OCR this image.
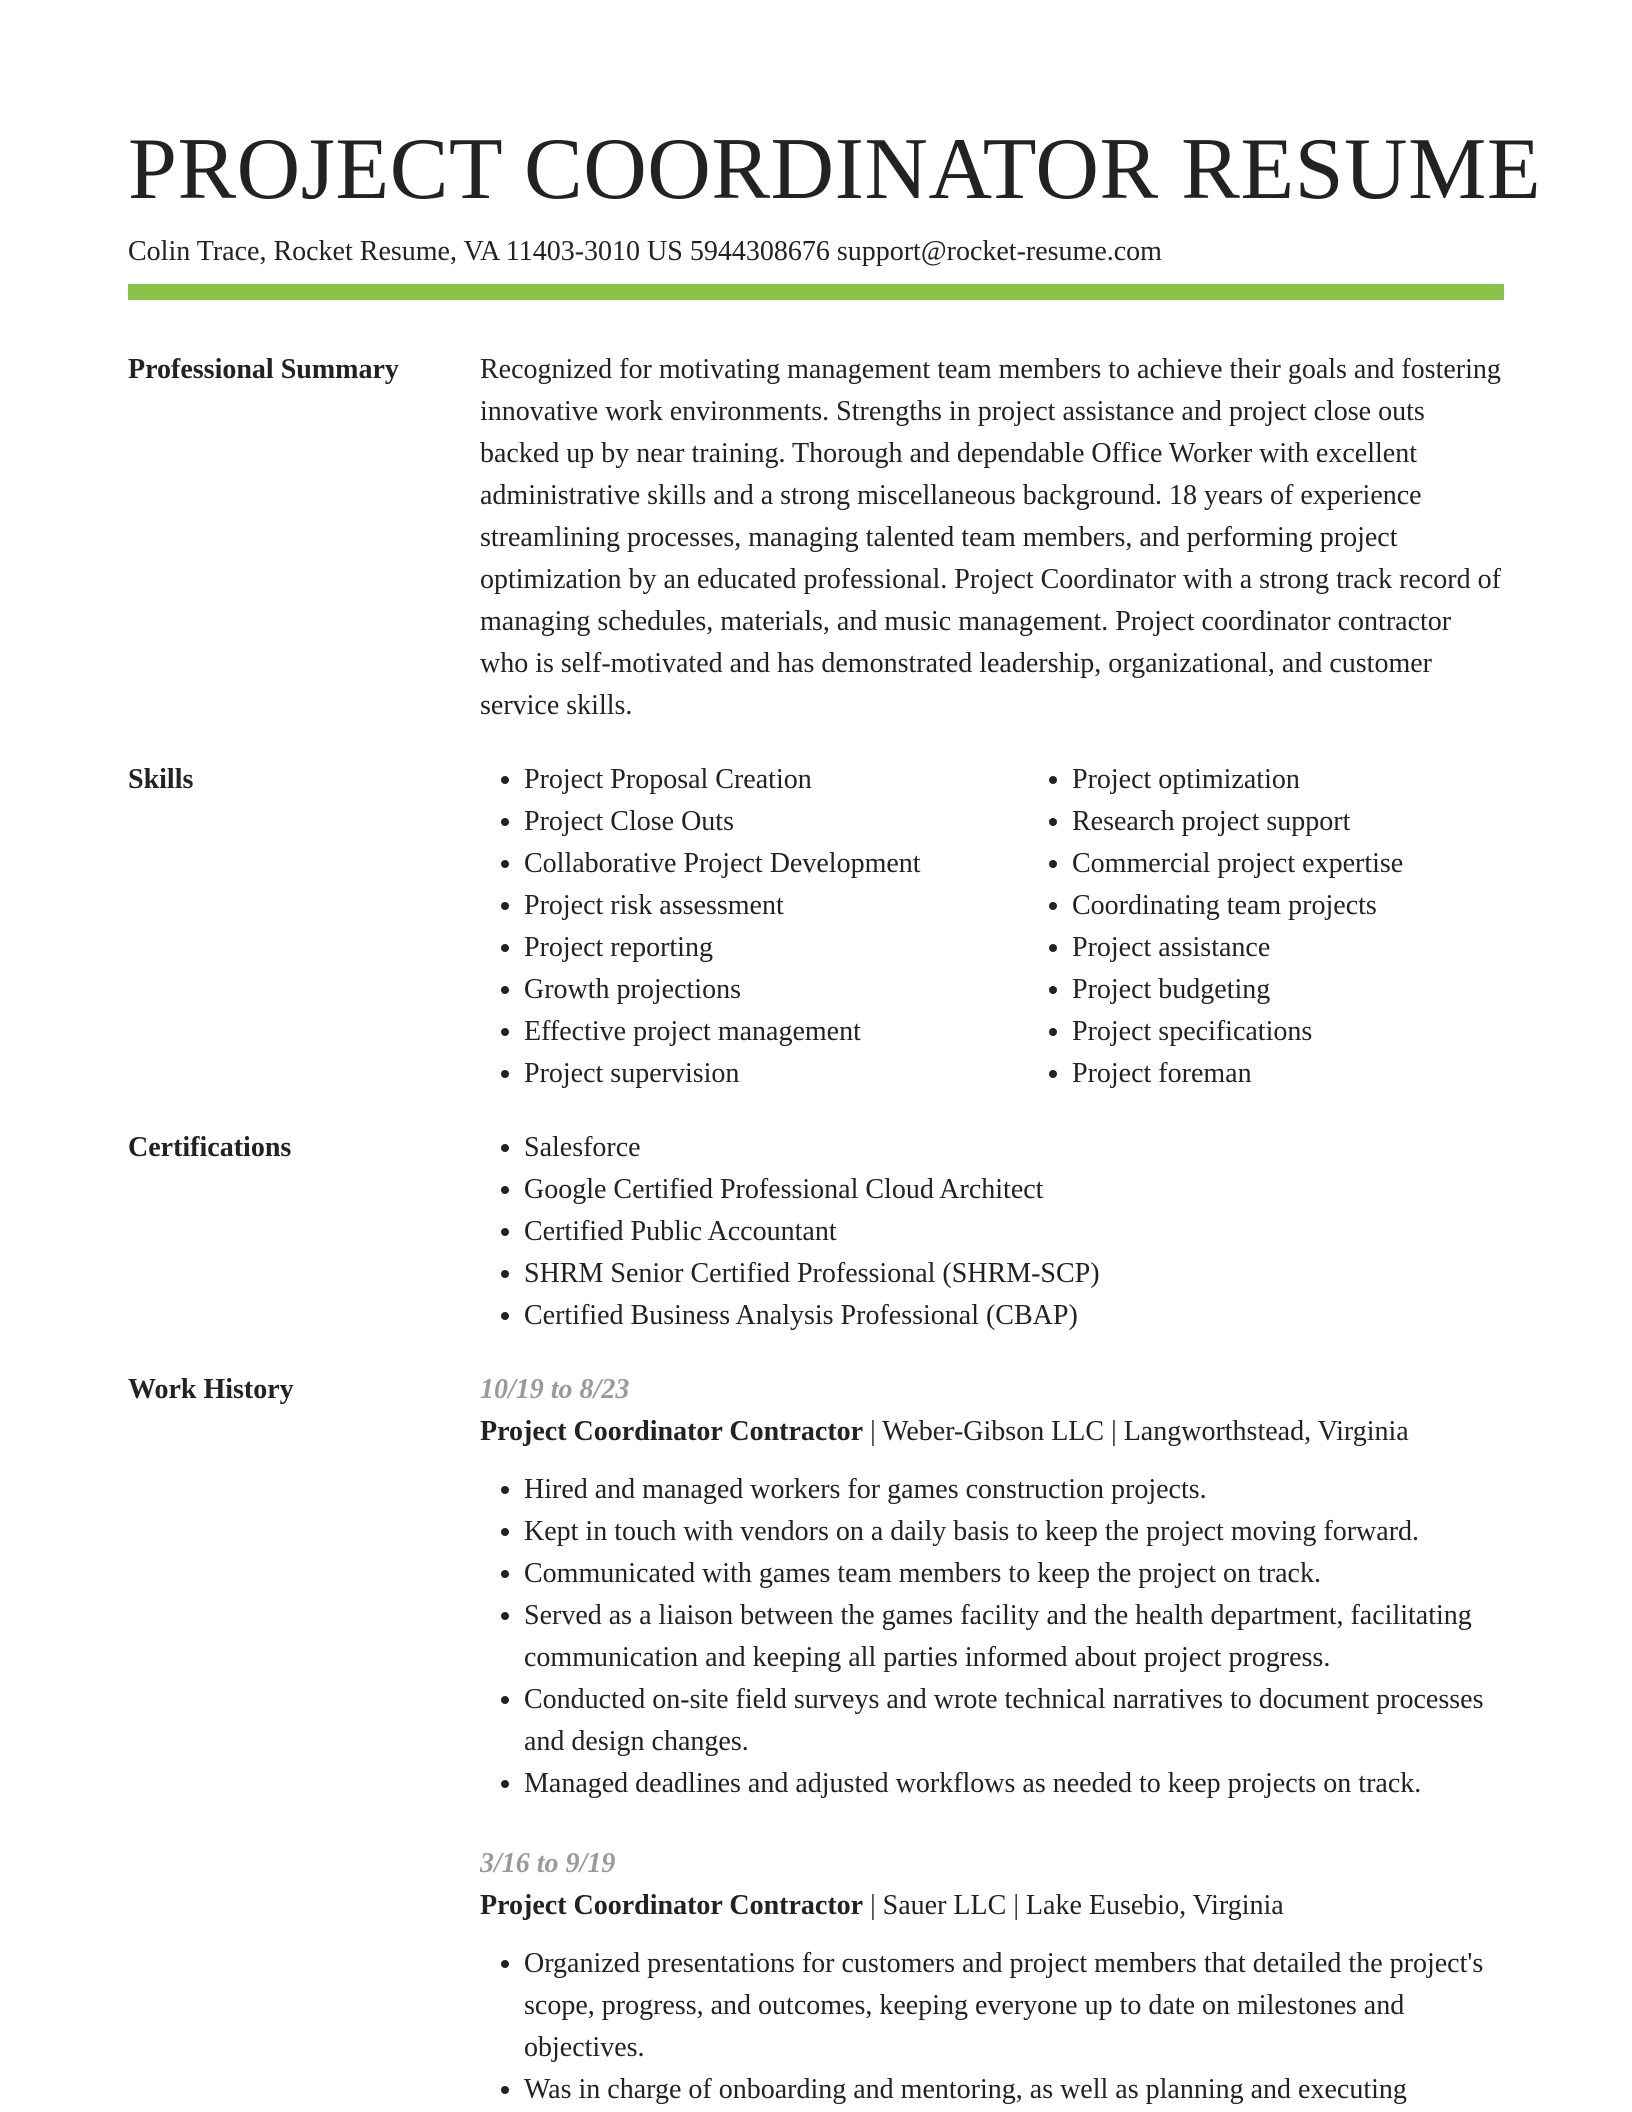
PROJECT COORDINATOR RESUME
Colin Trace, Rocket Resume, VA 11403-3010 US 5944308676 support@rocket-resume.com
Professional Summary	Recognized for motivating management team members to achieve their goals and fostering innovative work environments. Strengths in project assistance and project close outs backed up by near training. Thorough and dependable Office Worker with excellent administrative skills and a strong miscellaneous background. 18 years of experience streamlining processes, managing talented team members, and performing project optimization by an educated professional. Project Coordinator with a strong track record of managing schedules, materials, and music management. Project coordinator contractor who is self-motivated and has demonstrated leadership, organizational, and customer service skills.
Skills	• Project Proposal Creation
• Project Close Outs
• Collaborative Project Development
• Project risk assessment
• Project reporting
• Growth projections
• Effective project management
• Project supervision
• Project optimization
• Research project support
• Commercial project expertise
• Coordinating team projects
• Project assistance
• Project budgeting
• Project specifications
• Project foreman
Certifications	• Salesforce
• Google Certified Professional Cloud Architect
• Certified Public Accountant
• SHRM Senior Certified Professional (SHRM-SCP)
• Certified Business Analysis Professional (CBAP)
Work History	10/19 to 8/23
Project Coordinator Contractor | Weber-Gibson LLC | Langworthstead, Virginia
• Hired and managed workers for games construction projects.
• Kept in touch with vendors on a daily basis to keep the project moving forward.
• Communicated with games team members to keep the project on track.
• Served as a liaison between the games facility and the health department, facilitating communication and keeping all parties informed about project progress.
• Conducted on-site field surveys and wrote technical narratives to document processes and design changes.
• Managed deadlines and adjusted workflows as needed to keep projects on track.
3/16 to 9/19
Project Coordinator Contractor | Sauer LLC | Lake Eusebio, Virginia
• Organized presentations for customers and project members that detailed the project's scope, progress, and outcomes, keeping everyone up to date on milestones and objectives.
• Was in charge of onboarding and mentoring, as well as planning and executing
